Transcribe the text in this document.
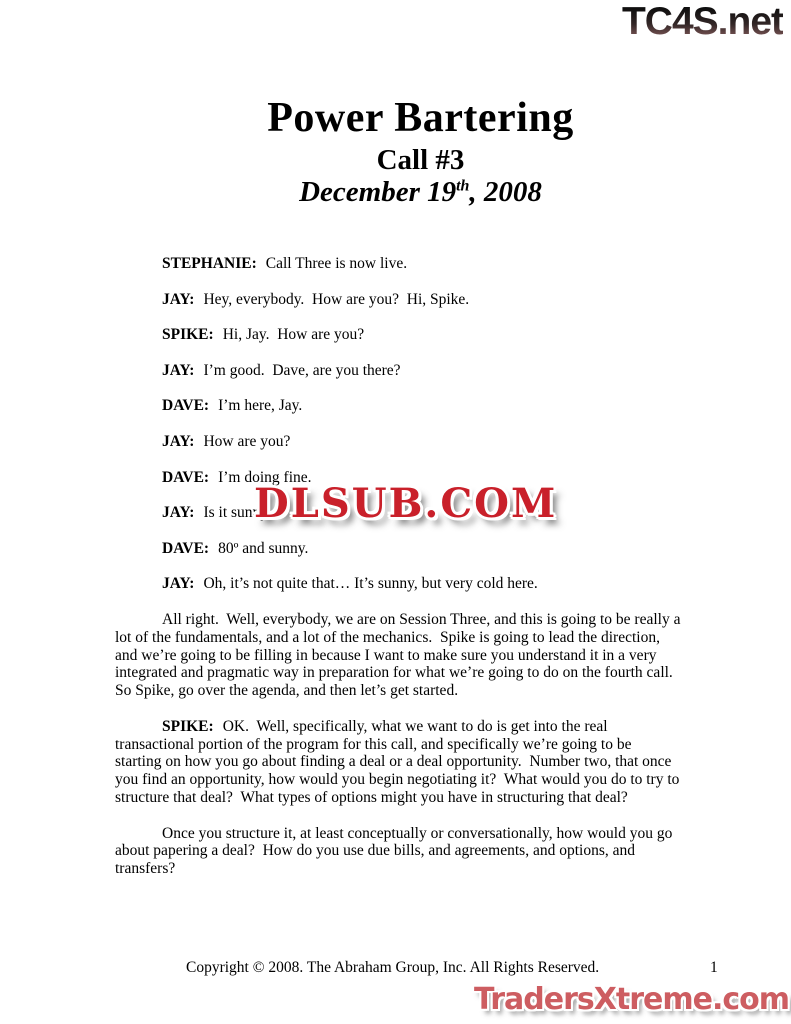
TC4S.net
Power Bartering
Call #3
December 19th, 2008

STEPHANIE: Call Three is now live.

JAY: Hey, everybody.  How are you?  Hi, Spike.

SPIKE: Hi, Jay.  How are you?

JAY: I’m good.  Dave, are you there?

DAVE: I’m here, Jay.

JAY: How are you?

DAVE: I’m doing fine.

JAY: Is it sunny

DAVE: 80º and sunny.

JAY: Oh, it’s not quite that… It’s sunny, but very cold here.

All right.  Well, everybody, we are on Session Three, and this is going to be really a lot of the fundamentals, and a lot of the mechanics.  Spike is going to lead the direction, and we’re going to be filling in because I want to make sure you understand it in a very integrated and pragmatic way in preparation for what we’re going to do on the fourth call.  So Spike, go over the agenda, and then let’s get started.

SPIKE: OK.  Well, specifically, what we want to do is get into the real transactional portion of the program for this call, and specifically we’re going to be starting on how you go about finding a deal or a deal opportunity.  Number two, that once you find an opportunity, how would you begin negotiating it?  What would you do to try to structure that deal?  What types of options might you have in structuring that deal?

Once you structure it, at least conceptually or conversationally, how would you go about papering a deal?  How do you use due bills, and agreements, and options, and transfers?

DLSUB.COM
Copyright © 2008. The Abraham Group, Inc. All Rights Reserved.	1
TradersXtreme.com
